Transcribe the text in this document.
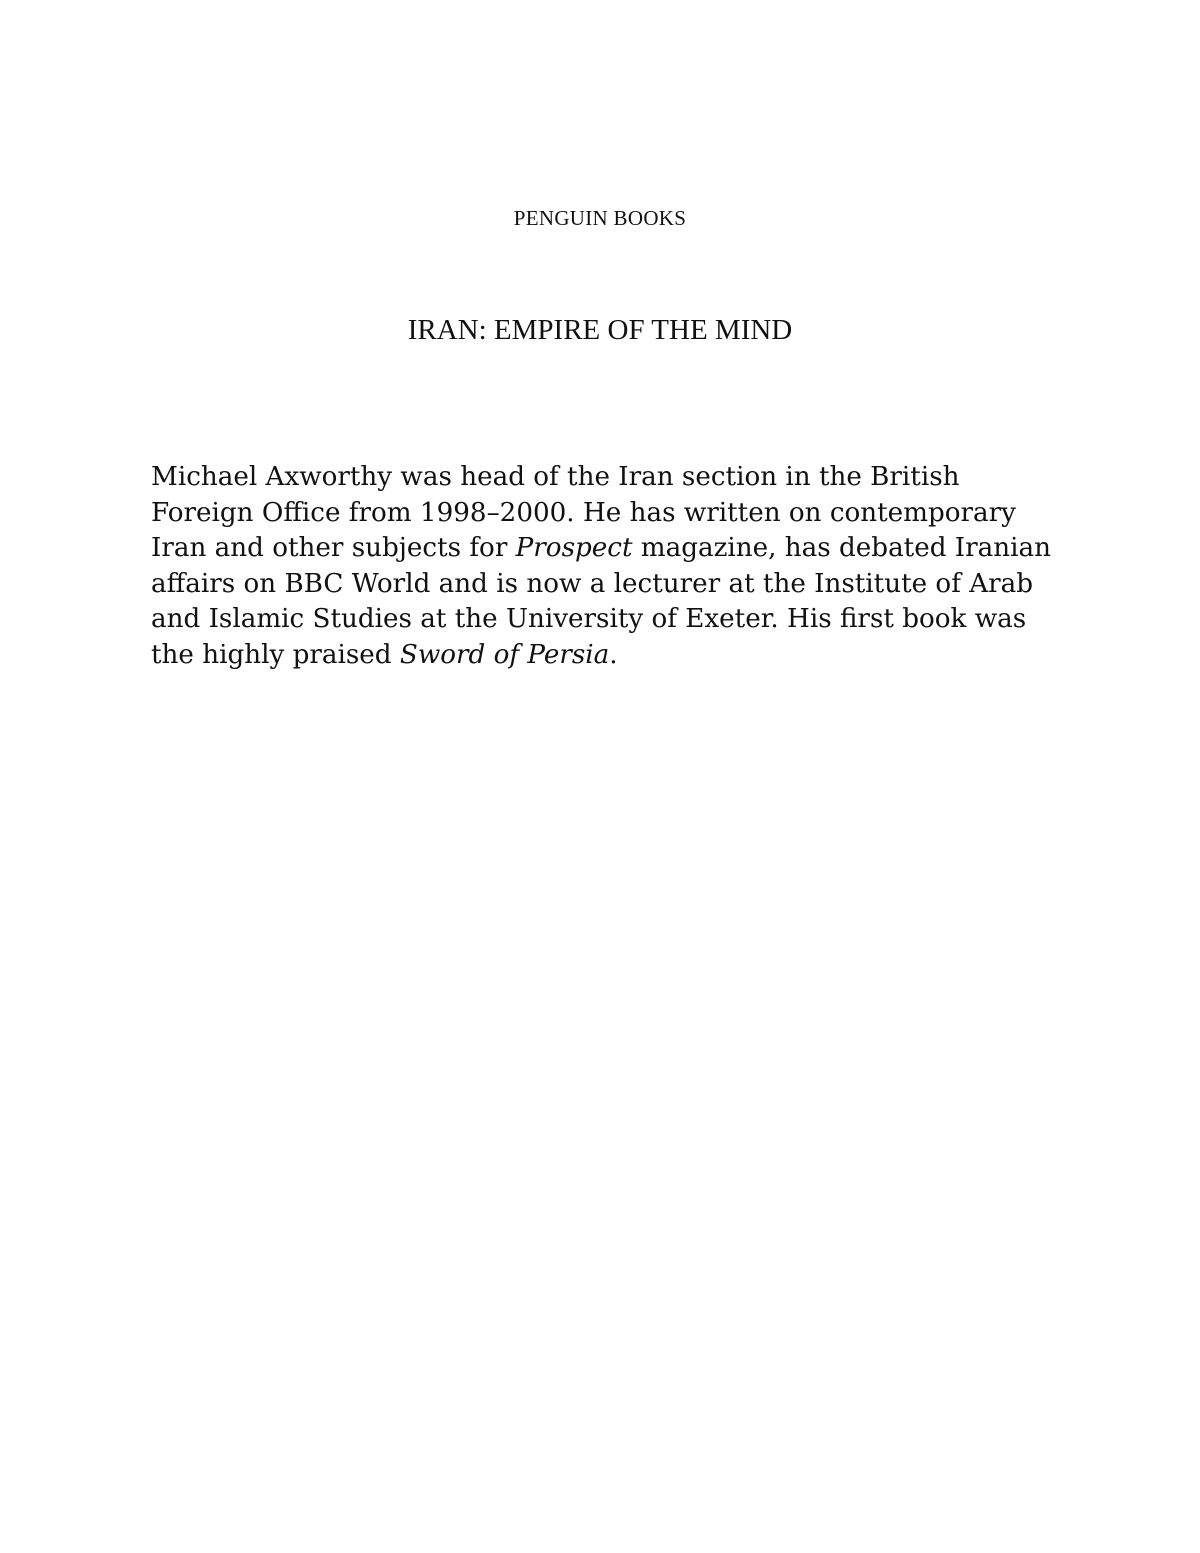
PENGUIN BOOKS

IRAN: EMPIRE OF THE MIND

Michael Axworthy was head of the Iran section in the British
Foreign Office from 1998–2000. He has written on contemporary
Iran and other subjects for Prospect magazine, has debated Iranian
affairs on BBC World and is now a lecturer at the Institute of Arab
and Islamic Studies at the University of Exeter. His first book was
the highly praised Sword of Persia.
